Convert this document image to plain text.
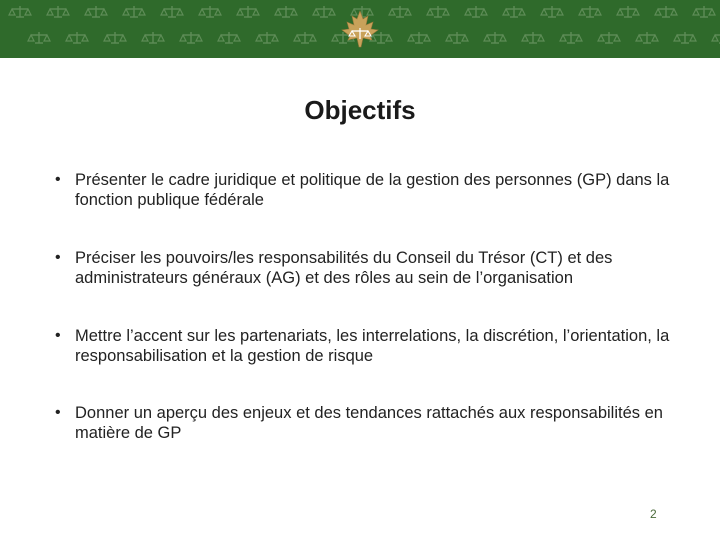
Objectifs
• Présenter le cadre juridique et politique de la gestion des personnes (GP) dans la fonction publique fédérale
• Préciser les pouvoirs/les responsabilités du Conseil du Trésor (CT) et des administrateurs généraux (AG) et des rôles au sein de l’organisation
• Mettre l’accent sur les partenariats, les interrelations, la discrétion, l’orientation, la responsabilisation et la gestion de risque
• Donner un aperçu des enjeux et des tendances rattachés aux responsabilités en matière de GP
2
